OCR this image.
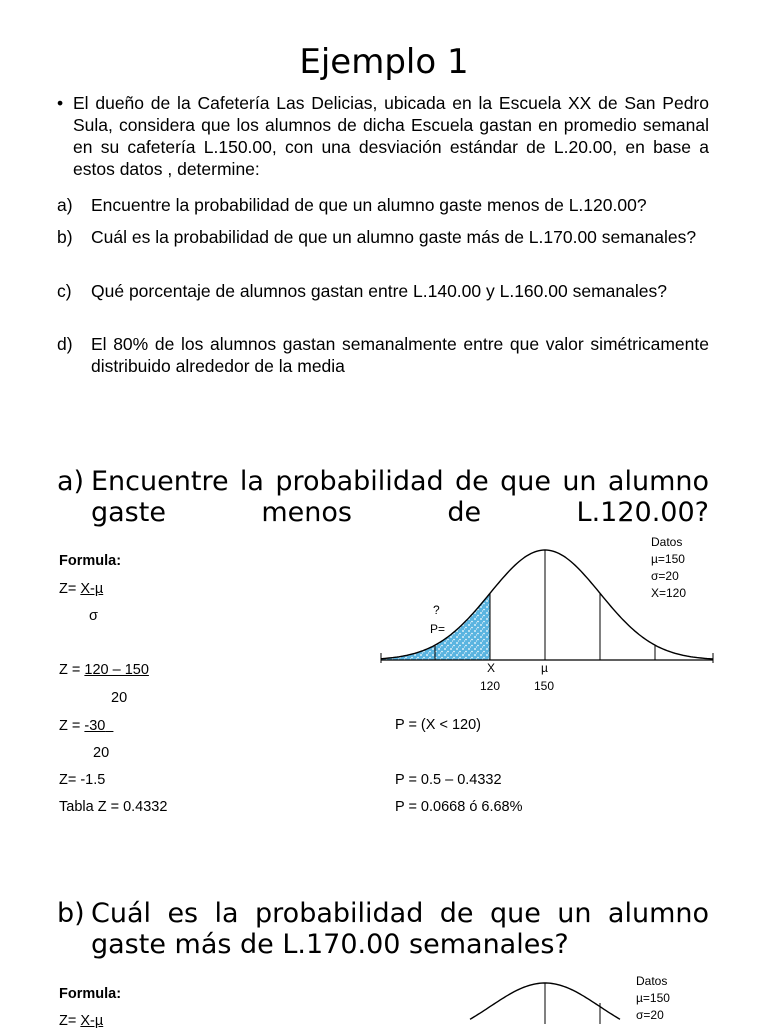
Ejemplo 1
• El dueño de la Cafetería Las Delicias, ubicada en la Escuela XX de San Pedro Sula, considera que los alumnos de dicha Escuela gastan en promedio semanal en su cafetería L.150.00, con una desviación estándar de L.20.00, en base a estos datos , determine:
a) Encuentre la probabilidad de que un alumno gaste menos de L.120.00?
b) Cuál es la probabilidad de que un alumno gaste más de L.170.00 semanales?
c) Qué porcentaje de alumnos gastan entre L.140.00 y L.160.00 semanales?
d) El 80% de los alumnos gastan semanalmente entre que valor simétricamente distribuido alrededor de la media
a) Encuentre la probabilidad de que un alumno gaste menos de L.120.00?
Formula:
Z= X-µ
σ
Z = 120 – 150
20
Z = -30
20
Z= -1.5
Tabla Z = 0.4332
P = (X < 120)
P = 0.5 – 0.4332
P = 0.0668 ó 6.68%
Datos
µ=150
σ=20
X=120
?
P=
X
120
µ
150
b) Cuál es la probabilidad de que un alumno gaste más de L.170.00 semanales?
Formula:
Z= X-µ
Datos
µ=150
σ=20
